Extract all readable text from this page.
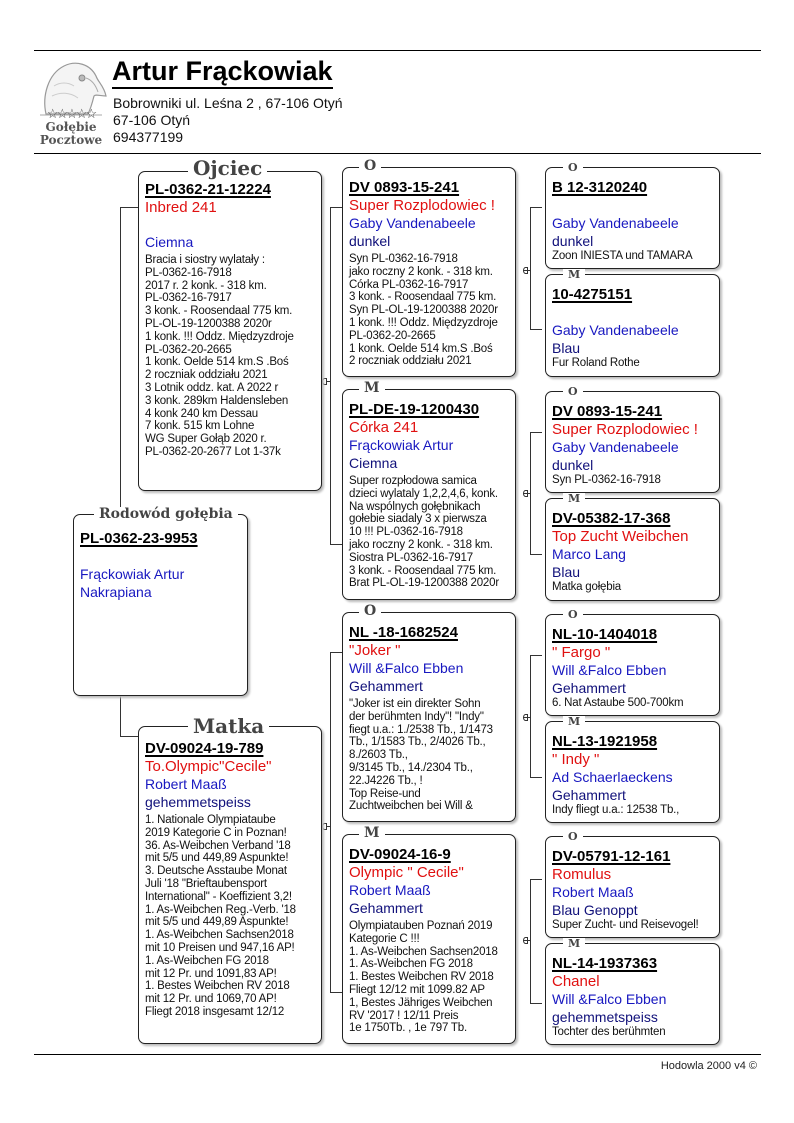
☆☆☆☆☆
Gołębie
Pocztowe
Artur Frąckowiak
Bobrowniki ul. Leśna 2 , 67-106 Otyń
67-106 Otyń
694377199
PL-0362-23-9953
Frąckowiak Artur
Nakrapiana
Rodowód gołębia
PL-0362-21-12224
Inbred 241
Ciemna
Bracia i siostry wylatały :
PL-0362-16-7918
2017 r. 2 konk. - 318 km.
PL-0362-16-7917
3 konk. - Roosendaal 775 km.
PL-OL-19-1200388 2020r
1 konk. !!! Oddz. Międzyzdroje
PL-0362-20-2665
1 konk. Oelde 514 km.S .Boś
2 roczniak oddziału 2021
3 Lotnik oddz. kat. A 2022 r
3 konk. 289km Haldensleben
4 konk 240 km Dessau
7 konk. 515 km Lohne
WG Super Gołąb 2020 r.
PL-0362-20-2677 Lot 1-37k
Ojciec
DV-09024-19-789
To.Olympic"Cecile"
Robert Maaß
gehemmetspeiss
1. Nationale Olympiataube
2019 Kategorie C in Poznan!
36. As-Weibchen Verband '18
mit 5/5 und 449,89 Aspunkte!
3. Deutsche Asstaube Monat
Juli '18 "Brieftaubensport
International" - Koeffizient 3,2!
1. As-Weibchen Reg.-Verb. '18
mit 5/5 und 449,89 Aspunkte!
1. As-Weibchen Sachsen2018
mit 10 Preisen und 947,16 AP!
1. As-Weibchen FG 2018
mit 12 Pr. und 1091,83 AP!
1. Bestes Weibchen RV 2018
mit 12 Pr. und 1069,70 AP!
Fliegt 2018 insgesamt 12/12
Matka
DV 0893-15-241
Super Rozplodowiec !
Gaby Vandenabeele
dunkel
Syn PL-0362-16-7918
jako roczny 2 konk. - 318 km.
Córka PL-0362-16-7917
3 konk. - Roosendaal 775 km.
Syn PL-OL-19-1200388 2020r
1 konk. !!! Oddz. Międzyzdroje
PL-0362-20-2665
1 konk. Oelde 514 km.S .Boś
2 roczniak oddziału 2021
O
PL-DE-19-1200430
Córka 241
Frąckowiak Artur
Ciemna
Super rozpłodowa samica
dzieci wylataly 1,2,2,4,6, konk.
Na wspólnych gołębnikach
gołebie siadaly 3 x pierwsza
10 !!! PL-0362-16-7918
jako roczny 2 konk. - 318 km.
Siostra PL-0362-16-7917
3 konk. - Roosendaal 775 km.
Brat PL-OL-19-1200388 2020r
M
NL -18-1682524
"Joker "
Will &Falco Ebben
Gehammert
"Joker ist ein direkter Sohn
der berühmten Indy"! "Indy"
fiegt u.a.: 1./2538 Tb., 1/1473
Tb., 1/1583 Tb., 2/4026 Tb.,
8./2603 Tb.,
9/3145 Tb., 14./2304 Tb.,
22.J4226 Tb., !
Top Reise-und
Zuchtweibchen bei Will &
O
DV-09024-16-9
Olympic " Cecile"
Robert Maaß
Gehammert
Olympiatauben Poznań 2019
Kategorie C !!!
1. As-Weibchen Sachsen2018
1. As-Weibchen FG 2018
1. Bestes Weibchen RV 2018
Fliegt 12/12 mit 1099.82 AP
1, Bestes Jähriges Weibchen
RV '2017 ! 12/11 Preis
1e 1750Tb. , 1e 797 Tb.
M
B 12-3120240
Gaby Vandenabeele
dunkel
Zoon INIESTA und TAMARA
O
10-4275151
Gaby Vandenabeele
Blau
Fur Roland Rothe
M
DV 0893-15-241
Super Rozplodowiec !
Gaby Vandenabeele
dunkel
Syn PL-0362-16-7918
O
DV-05382-17-368
Top Zucht Weibchen
Marco Lang
Blau
Matka gołębia
M
NL-10-1404018
" Fargo "
Will &Falco Ebben
Gehammert
6. Nat Astaube 500-700km
O
NL-13-1921958
" Indy "
Ad Schaerlaeckens
Gehammert
Indy fliegt u.a.: 12538 Tb.,
M
DV-05791-12-161
Romulus
Robert Maaß
Blau Genoppt
Super Zucht- und Reisevogel!
O
NL-14-1937363
Chanel
Will &Falco Ebben
gehemmetspeiss
Tochter des berühmten
M
Hodowla 2000 v4 ©
